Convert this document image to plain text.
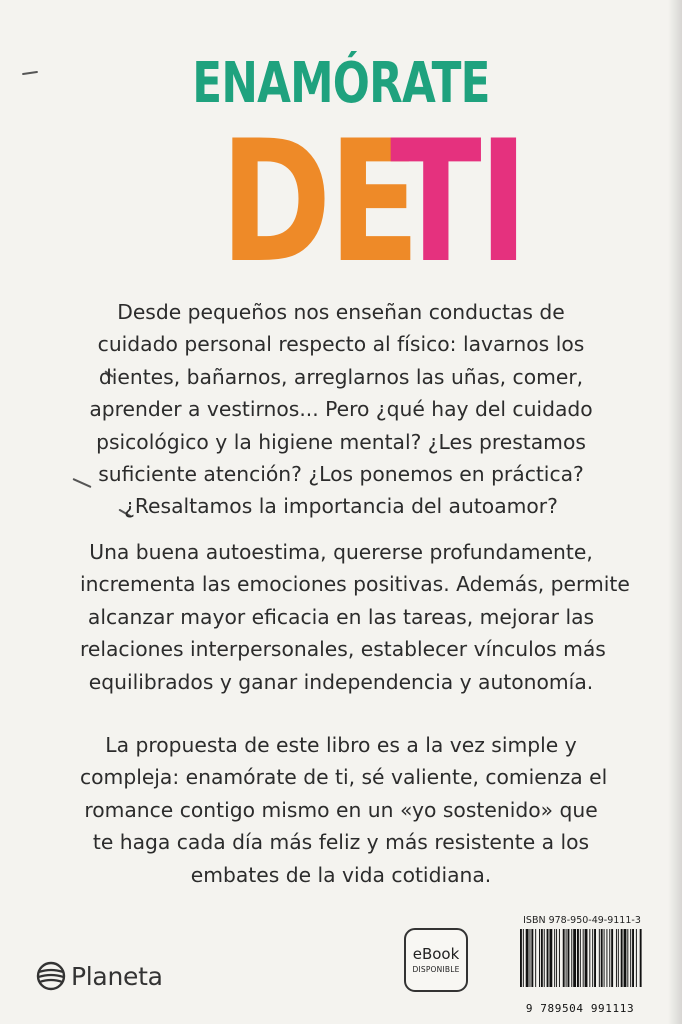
ENAMÓRATE
DE
TI

Desde pequeños nos enseñan conductas de
cuidado personal respecto al físico: lavarnos los
dientes, bañarnos, arreglarnos las uñas, comer,
aprender a vestirnos... Pero ¿qué hay del cuidado
psicológico y la higiene mental? ¿Les prestamos
suficiente atención? ¿Los ponemos en práctica?
¿Resaltamos la importancia del autoamor?

Una buena autoestima, quererse profundamente,
incrementa las emociones positivas. Además, permite
alcanzar mayor eficacia en las tareas, mejorar las
relaciones interpersonales, establecer vínculos más
equilibrados y ganar independencia y autonomía.

La propuesta de este libro es a la vez simple y
compleja: enamórate de ti, sé valiente, comienza el
romance contigo mismo en un «yo sostenido» que
te haga cada día más feliz y más resistente a los
embates de la vida cotidiana.

Planeta
eBook
DISPONIBLE
ISBN 978-950-49-9111-3
9 789504 991113
